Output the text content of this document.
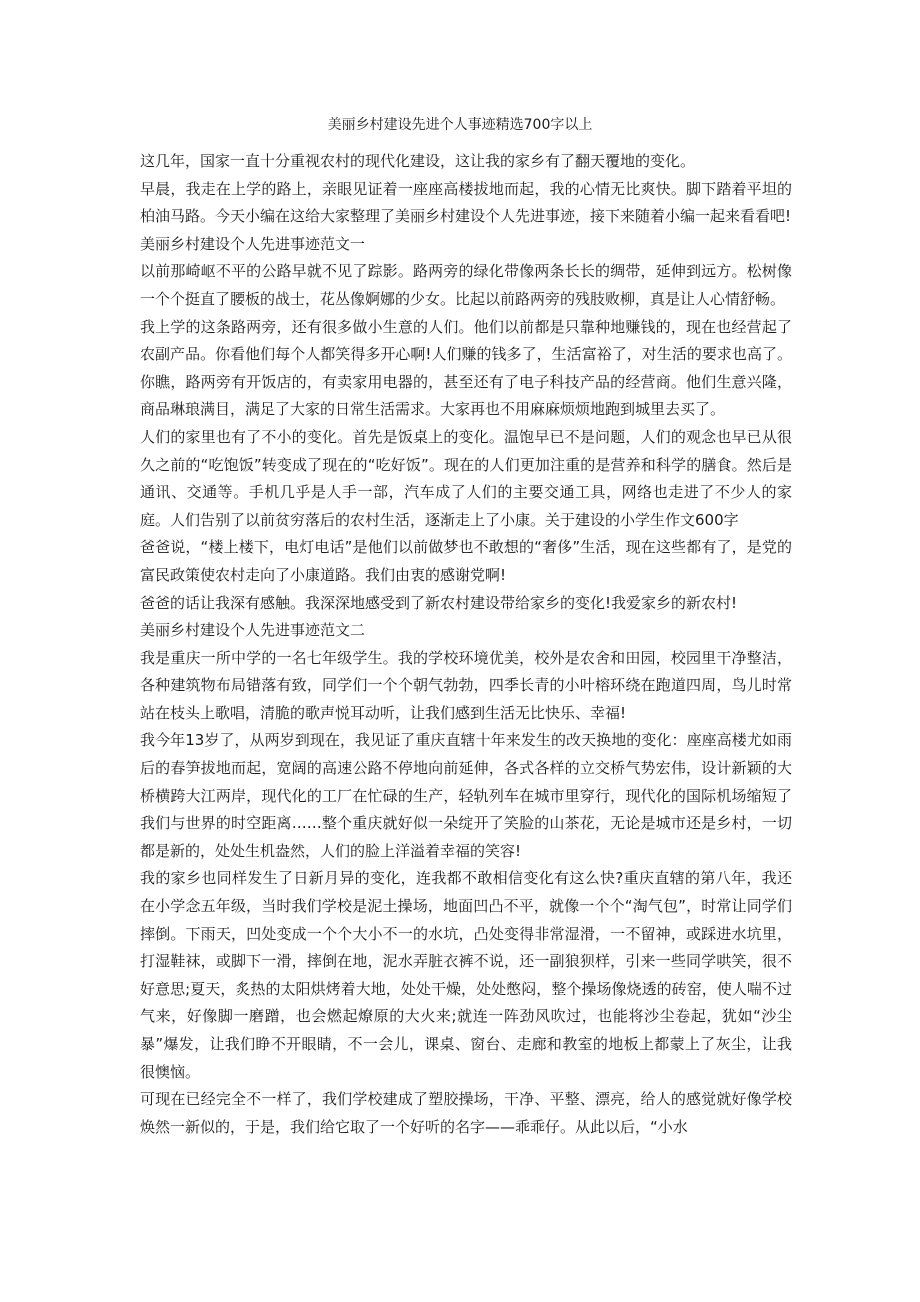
美丽乡村建设先进个人事迹精选700字以上

这几年，国家一直十分重视农村的现代化建设，这让我的家乡有了翻天覆地的变化。

早晨，我走在上学的路上，亲眼见证着一座座高楼拔地而起，我的心情无比爽快。脚下踏着平坦的柏油马路。今天小编在这给大家整理了美丽乡村建设个人先进事迹，接下来随着小编一起来看看吧!

美丽乡村建设个人先进事迹范文一

以前那崎岖不平的公路早就不见了踪影。路两旁的绿化带像两条长长的绸带，延伸到远方。松树像一个个挺直了腰板的战士，花丛像婀娜的少女。比起以前路两旁的残肢败柳，真是让人心情舒畅。

我上学的这条路两旁，还有很多做小生意的人们。他们以前都是只靠种地赚钱的，现在也经营起了农副产品。你看他们每个人都笑得多开心啊!人们赚的钱多了，生活富裕了，对生活的要求也高了。你瞧，路两旁有开饭店的，有卖家用电器的，甚至还有了电子科技产品的经营商。他们生意兴隆，商品琳琅满目，满足了大家的日常生活需求。大家再也不用麻麻烦烦地跑到城里去买了。

人们的家里也有了不小的变化。首先是饭桌上的变化。温饱早已不是问题，人们的观念也早已从很久之前的“吃饱饭”转变成了现在的“吃好饭”。现在的人们更加注重的是营养和科学的膳食。然后是通讯、交通等。手机几乎是人手一部，汽车成了人们的主要交通工具，网络也走进了不少人的家庭。人们告别了以前贫穷落后的农村生活，逐渐走上了小康。关于建设的小学生作文600字

爸爸说，“楼上楼下，电灯电话”是他们以前做梦也不敢想的“奢侈”生活，现在这些都有了，是党的富民政策使农村走向了小康道路。我们由衷的感谢党啊!

爸爸的话让我深有感触。我深深地感受到了新农村建设带给家乡的变化!我爱家乡的新农村!

美丽乡村建设个人先进事迹范文二

我是重庆一所中学的一名七年级学生。我的学校环境优美，校外是农舍和田园，校园里干净整洁，各种建筑物布局错落有致，同学们一个个朝气勃勃，四季长青的小叶榕环绕在跑道四周，鸟儿时常站在枝头上歌唱，清脆的歌声悦耳动听，让我们感到生活无比快乐、幸福!

我今年13岁了，从两岁到现在，我见证了重庆直辖十年来发生的改天换地的变化：座座高楼尤如雨后的春笋拔地而起，宽阔的高速公路不停地向前延伸，各式各样的立交桥气势宏伟，设计新颖的大桥横跨大江两岸，现代化的工厂在忙碌的生产，轻轨列车在城市里穿行，现代化的国际机场缩短了我们与世界的时空距离……整个重庆就好似一朵绽开了笑脸的山茶花，无论是城市还是乡村，一切都是新的，处处生机盎然，人们的脸上洋溢着幸福的笑容!

我的家乡也同样发生了日新月异的变化，连我都不敢相信变化有这么快?重庆直辖的第八年，我还在小学念五年级，当时我们学校是泥土操场，地面凹凸不平，就像一个个“淘气包”，时常让同学们摔倒。下雨天，凹处变成一个个大小不一的水坑，凸处变得非常湿滑，一不留神，或踩进水坑里，打湿鞋袜，或脚下一滑，摔倒在地，泥水弄脏衣裤不说，还一副狼狈样，引来一些同学哄笑，很不好意思;夏天，炙热的太阳烘烤着大地，处处干燥，处处憋闷，整个操场像烧透的砖窑，使人喘不过气来，好像脚一磨蹭，也会燃起燎原的大火来;就连一阵劲风吹过，也能将沙尘卷起，犹如“沙尘暴”爆发，让我们睁不开眼睛，不一会儿，课桌、窗台、走廊和教室的地板上都蒙上了灰尘，让我很懊恼。

可现在已经完全不一样了，我们学校建成了塑胶操场，干净、平整、漂亮，给人的感觉就好像学校焕然一新似的，于是，我们给它取了一个好听的名字——乖乖仔。从此以后，“小水
